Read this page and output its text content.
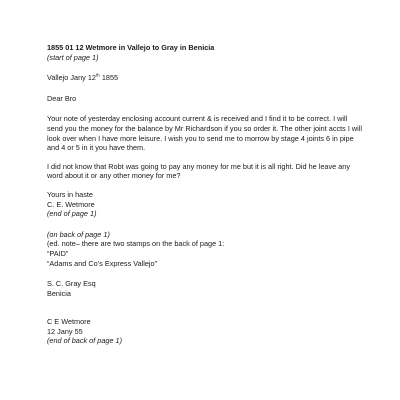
1855 01 12 Wetmore in Vallejo to Gray in Benicia
(start of page 1)
Vallejo Jany 12th 1855
Dear Bro

Your note of yesterday enclosing account current & is received and I find it to be correct. I will send you the money for the balance by Mr Richardson if you so order it. The other joint accts I will look over when I have more leisure. I wish you to send me to morrow by stage 4 joints 6 in pipe and 4 or 5 in it you have them.

I did not know that Robt was going to pay any money for me but it is all right. Did he leave any word about it or any other money for me?

Yours in haste
C. E. Wetmore
(end of page 1)
(on back of page 1)
(ed. note– there are two stamps on the back of page 1:
“PAID”
“Adams and Co’s Express Vallejo”
S. C. Gray Esq
Benicia
C E Wetmore
12 Jany 55
(end of back of page 1)
